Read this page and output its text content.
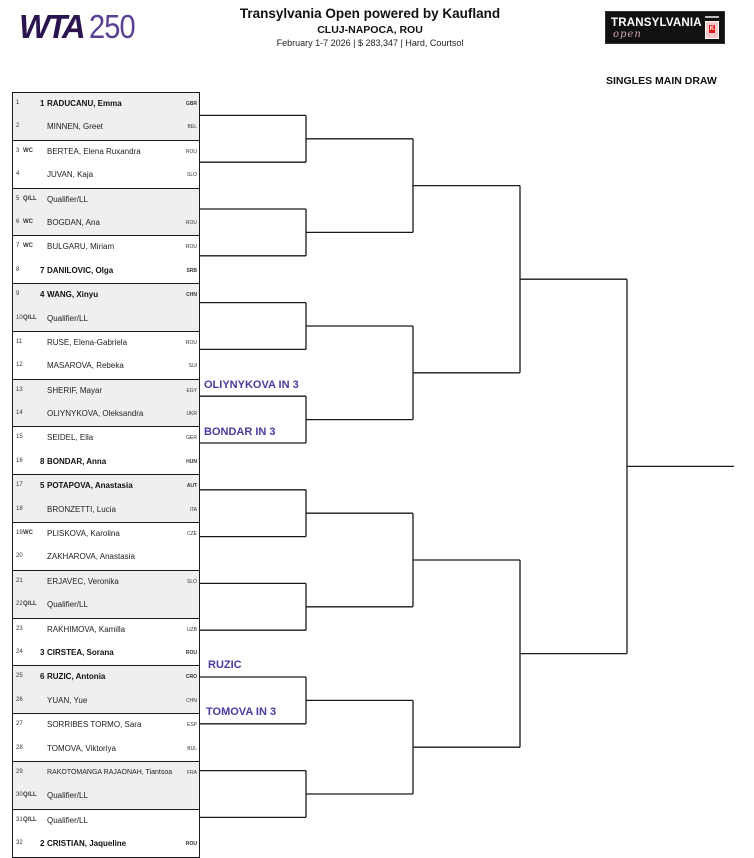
WTA 250	Transylvania Open powered by Kaufland
CLUJ-NAPOCA, ROU
February 1-7 2026 | $ 283,347 | Hard, Courtsol
TRANSYLVANIA
open	K
SINGLES MAIN DRAW
1	1 RADUCANU, Emma	GBR
2	MINNEN, Greet	BEL
3 WC BERTEA, Elena Ruxandra	ROU
4	JUVAN, Kaja	SLO
5 Q/LL Qualifier/LL
6 WC BOGDAN, Ana	ROU
7 WC BULGARU, Miriam	ROU
8	7 DANILOVIC, Olga	SRB
9	4 WANG, Xinyu	CHN
10 Q/LL Qualifier/LL
11	RUSE, Elena-Gabriela	ROU
12	MASAROVA, Rebeka	SUI
13	SHERIF, Mayar	EGY
14	OLIYNYKOVA, Oleksandra	UKR
15	SEIDEL, Ella	GER
16 8 BONDAR, Anna	HUN
17 5 POTAPOVA, Anastasia	AUT
18	BRONZETTI, Lucia	ITA
19 WC PLISKOVA, Karolina	CZE
20	ZAKHAROVA, Anastasia
21	ERJAVEC, Veronika	SLO
22 Q/LL Qualifier/LL
23	RAKHIMOVA, Kamilla	UZB
24 3 CIRSTEA, Sorana	ROU
25 6 RUZIC, Antonia	CRO
26	YUAN, Yue	CHN
27	SORRIBES TORMO, Sara	ESP
28	TOMOVA, Viktoriya	BUL
29	RAKOTOMANGA RAJAONAH, Tiantsoa	FRA
30 Q/LL Qualifier/LL
31 Q/LL Qualifier/LL
32 2 CRISTIAN, Jaqueline	ROU
OLIYNYKOVA IN 3
BONDAR IN 3
RUZIC
TOMOVA IN 3
